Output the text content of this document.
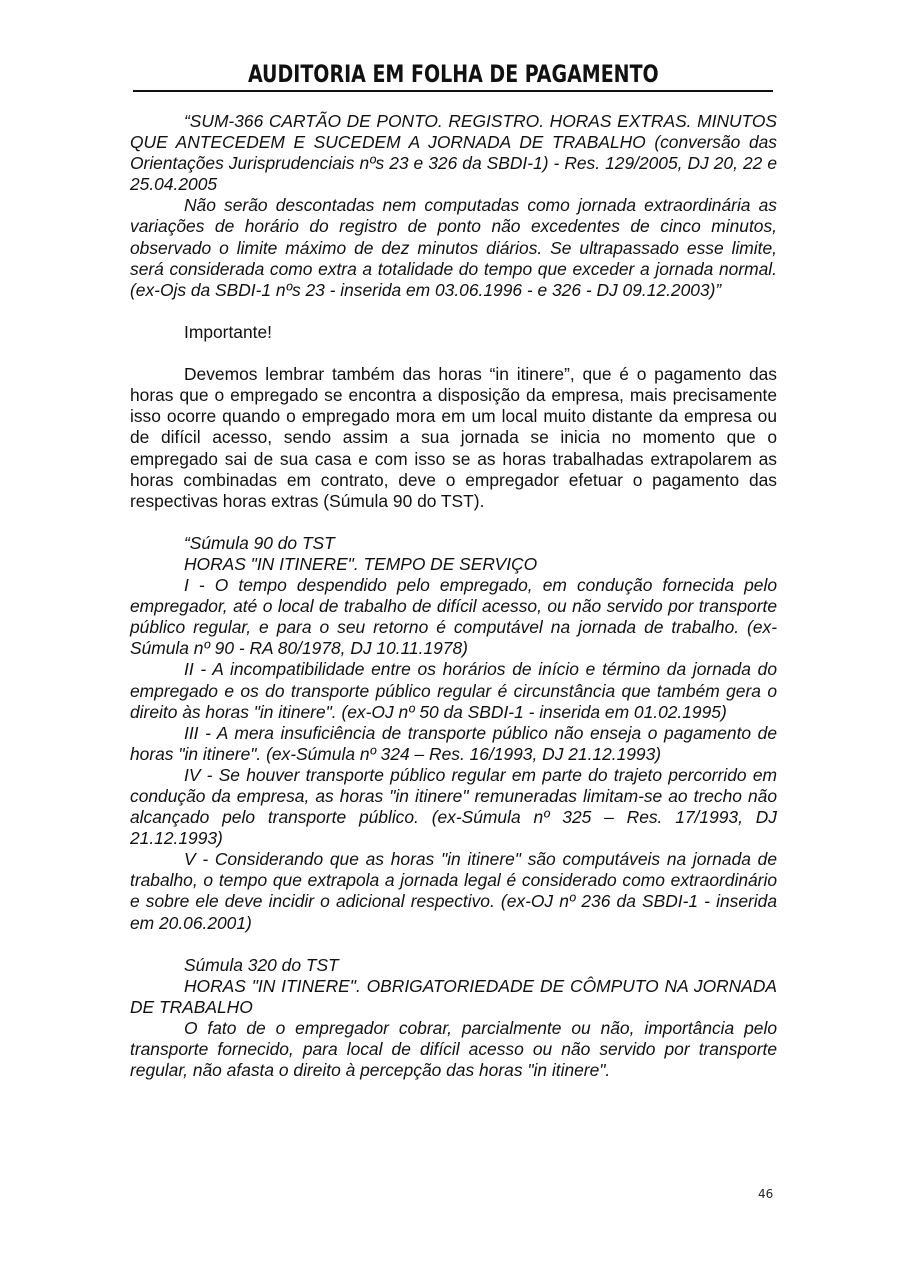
AUDITORIA EM FOLHA DE PAGAMENTO

“SUM-366 CARTÃO DE PONTO. REGISTRO. HORAS EXTRAS. MINUTOS QUE ANTECEDEM E SUCEDEM A JORNADA DE TRABALHO (conversão das Orientações Jurisprudenciais nºs 23 e 326 da SBDI-1) - Res. 129/2005, DJ 20, 22 e 25.04.2005

Não serão descontadas nem computadas como jornada extraordinária as variações de horário do registro de ponto não excedentes de cinco minutos, observado o limite máximo de dez minutos diários. Se ultrapassado esse limite, será considerada como extra a totalidade do tempo que exceder a jornada normal. (ex-Ojs da SBDI-1 nºs 23 - inserida em 03.06.1996 - e 326 - DJ 09.12.2003)”

Importante!

Devemos lembrar também das horas “in itinere”, que é o pagamento das horas que o empregado se encontra a disposição da empresa, mais precisamente isso ocorre quando o empregado mora em um local muito distante da empresa ou de difícil acesso, sendo assim a sua jornada se inicia no momento que o empregado sai de sua casa e com isso se as horas trabalhadas extrapolarem as horas combinadas em contrato, deve o empregador efetuar o pagamento das respectivas horas extras (Súmula 90 do TST).

“Súmula 90 do TST

HORAS "IN ITINERE". TEMPO DE SERVIÇO

I - O tempo despendido pelo empregado, em condução fornecida pelo empregador, até o local de trabalho de difícil acesso, ou não servido por transporte público regular, e para o seu retorno é computável na jornada de trabalho. (ex-Súmula nº 90 - RA 80/1978, DJ 10.11.1978)

II - A incompatibilidade entre os horários de início e término da jornada do empregado e os do transporte público regular é circunstância que também gera o direito às horas "in itinere". (ex-OJ nº 50 da SBDI-1 - inserida em 01.02.1995)

III - A mera insuficiência de transporte público não enseja o pagamento de horas "in itinere". (ex-Súmula nº 324 – Res. 16/1993, DJ 21.12.1993)

IV - Se houver transporte público regular em parte do trajeto percorrido em condução da empresa, as horas "in itinere" remuneradas limitam-se ao trecho não alcançado pelo transporte público. (ex-Súmula nº 325 – Res. 17/1993, DJ 21.12.1993)

V - Considerando que as horas "in itinere" são computáveis na jornada de trabalho, o tempo que extrapola a jornada legal é considerado como extraordinário e sobre ele deve incidir o adicional respectivo. (ex-OJ nº 236 da SBDI-1 - inserida em 20.06.2001)

Súmula 320 do TST

HORAS "IN ITINERE". OBRIGATORIEDADE DE CÔMPUTO NA JORNADA DE TRABALHO

O fato de o empregador cobrar, parcialmente ou não, importância pelo transporte fornecido, para local de difícil acesso ou não servido por transporte regular, não afasta o direito à percepção das horas "in itinere".

46
